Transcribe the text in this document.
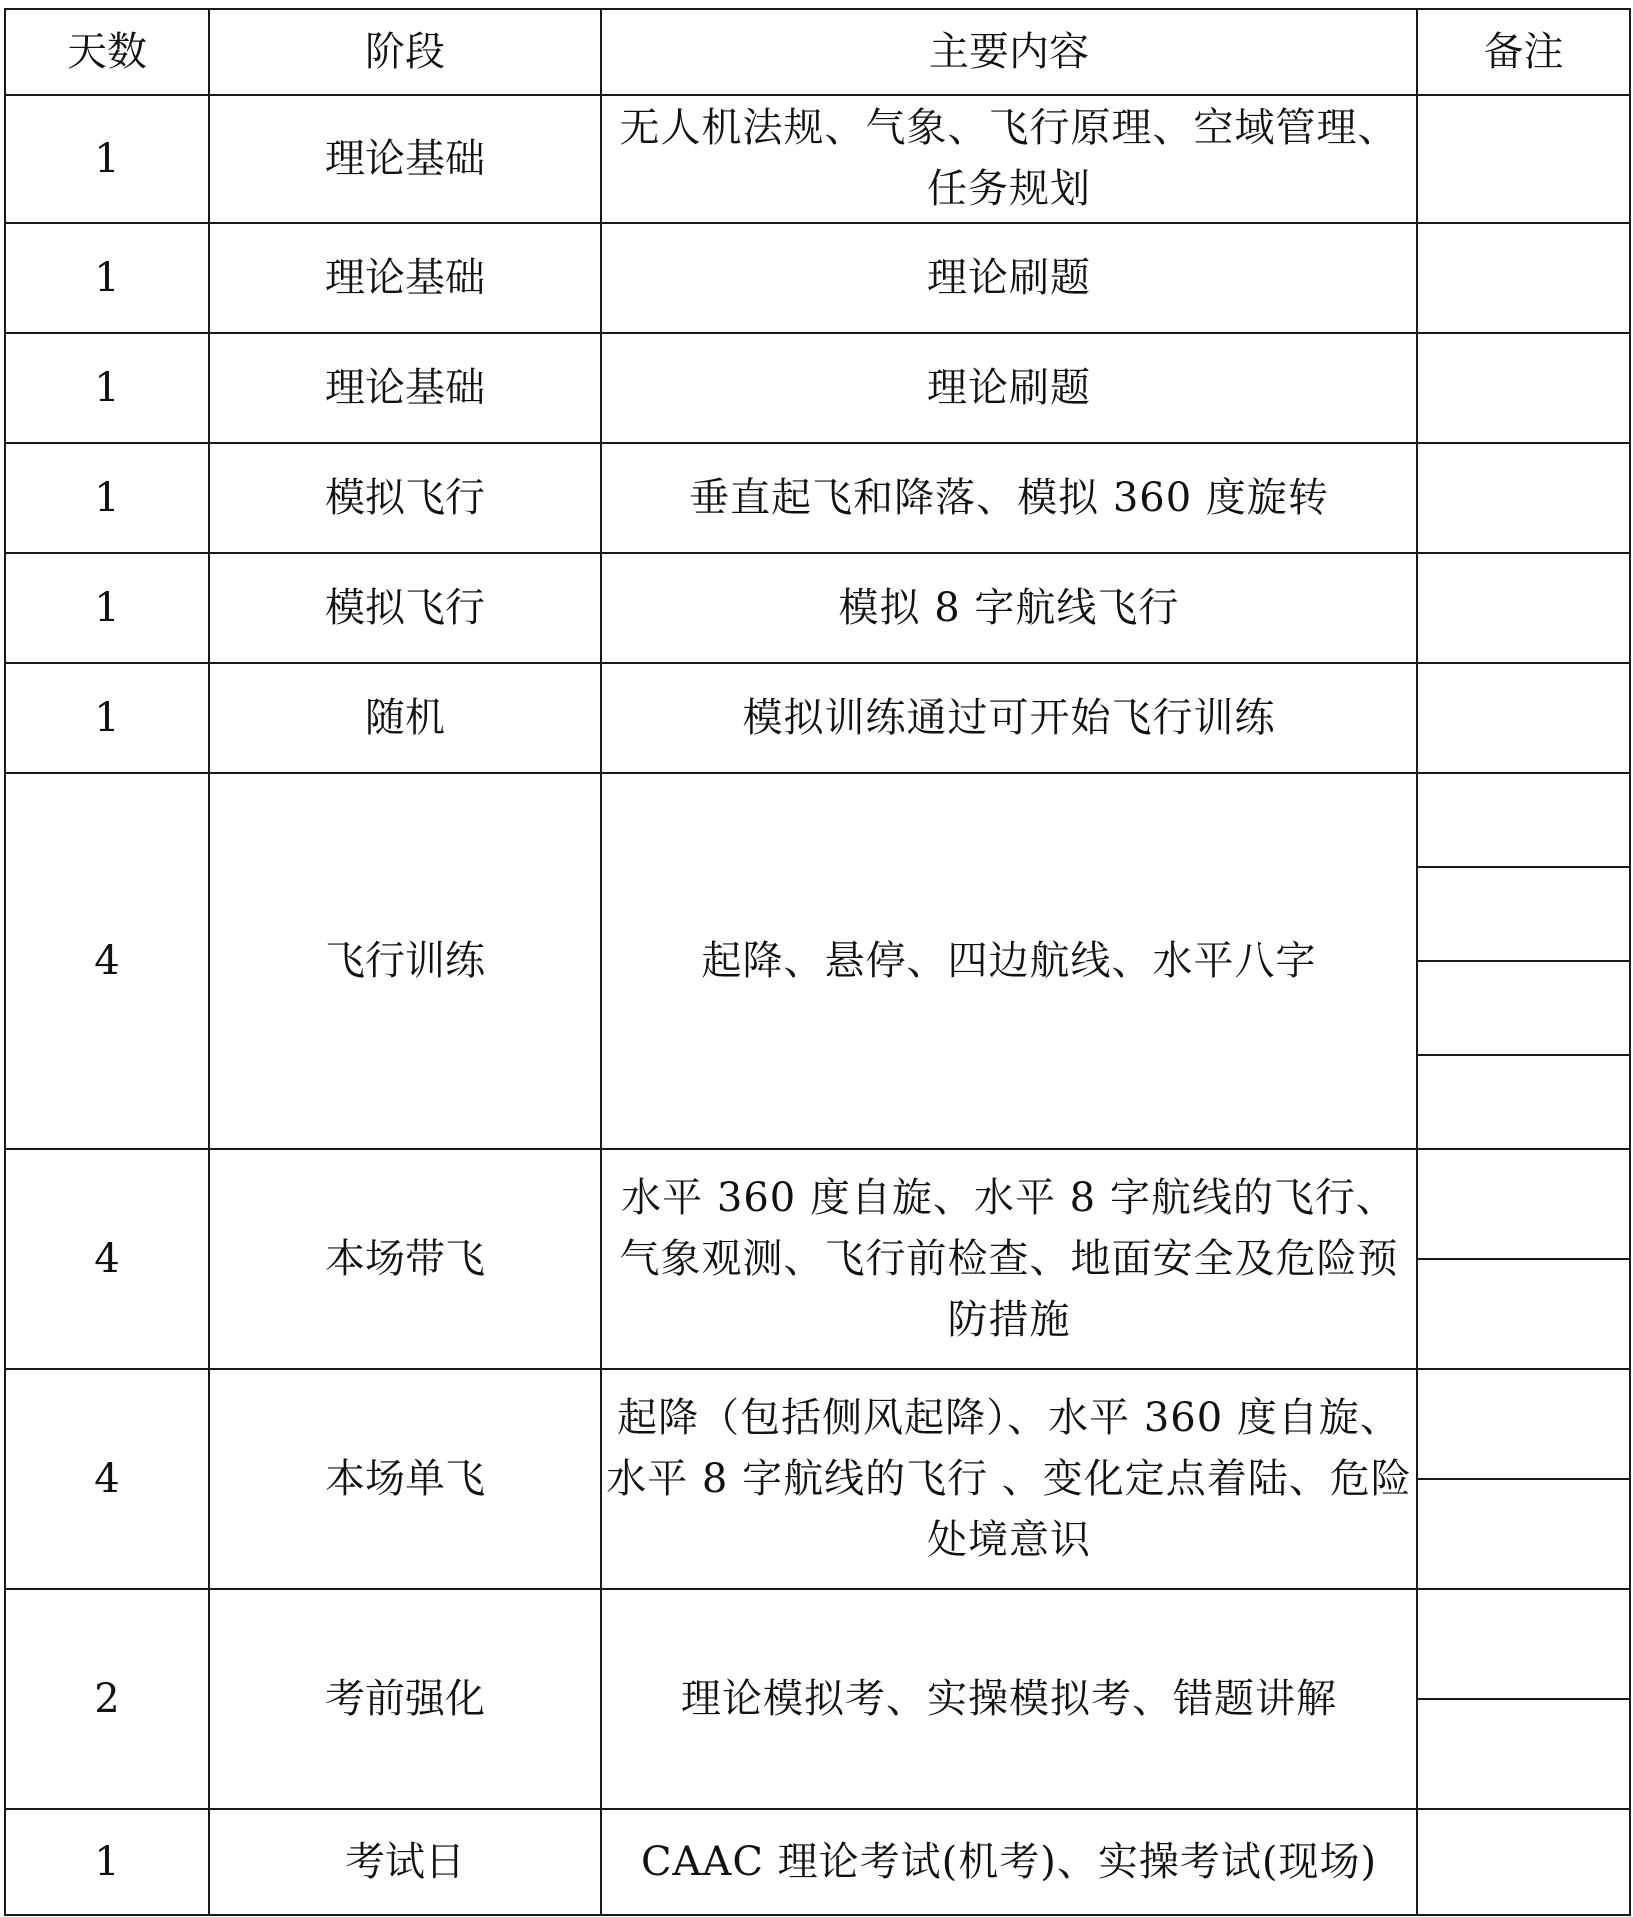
天数	阶段	主要内容	备注
1	理论基础	无人机法规、气象、飞行原理、空域管理、任务规划	

1	理论基础	理论刷题	

1	理论基础	理论刷题	

1	模拟飞行	垂直起飞和降落、模拟 360 度旋转	

1	模拟飞行	模拟 8 字航线飞行	

1	随机	模拟训练通过可开始飞行训练	

4	飞行训练	起降、悬停、四边航线、水平八字	

4	本场带飞	水平 360 度自旋、水平 8 字航线的飞行、气象观测、飞行前检查、地面安全及危险预防措施	

4	本场单飞	起降（包括侧风起降）、水平 360 度自旋、水平 8 字航线的飞行 、变化定点着陆、危险处境意识	

2	考前强化	理论模拟考、实操模拟考、错题讲解	

1	考试日	CAAC 理论考试(机考)、实操考试(现场)	
